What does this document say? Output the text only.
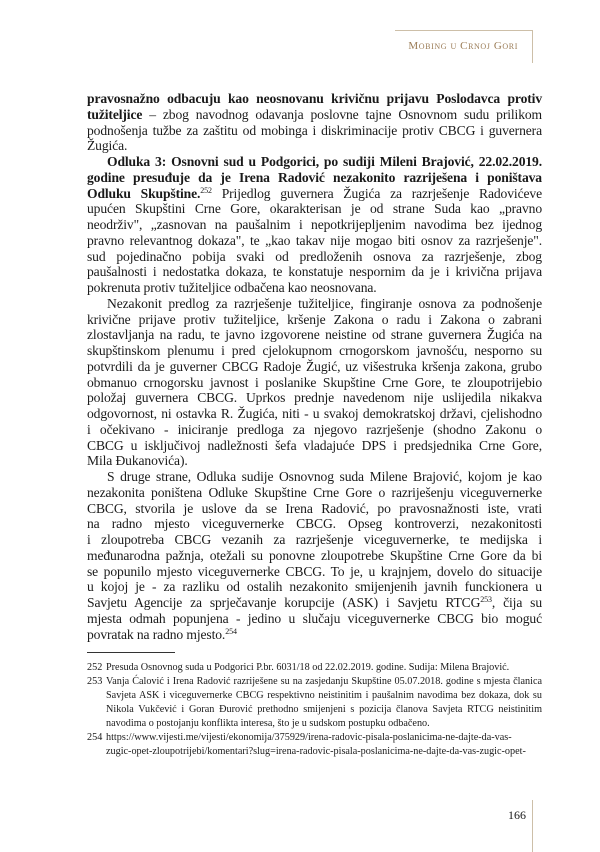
Mobing u Crnoj Gori
pravosnažno odbacuju kao neosnovanu krivičnu prijavu Poslodavca protiv
tužiteljice – zbog navodnog odavanja poslovne tajne Osnovnom sudu prilikom
podnošenja tužbe za zaštitu od mobinga i diskriminacije protiv CBCG i guvernera
Žugića.
Odluka 3: Osnovni sud u Podgorici, po sudiji Mileni Brajović, 22.02.2019.
godine presuđuje da je Irena Radović nezakonito razriješena i poništava
Odluku Skupštine.$^{252}$ Prijedlog guvernera Žugića za razrješenje Radovićeve
upućen Skupštini Crne Gore, okarakterisan je od strane Suda kao „pravno
neodrživ", „zasnovan na paušalnim i nepotkrijepljenim navodima bez ijednog
pravno relevantnog dokaza", te „kao takav nije mogao biti osnov za razrješenje".
sud pojedinačno pobija svaki od predloženih osnova za razrješenje, zbog
paušalnosti i nedostatka dokaza, te konstatuje nespornim da je i krivična prijava
pokrenuta protiv tužiteljice odbačena kao neosnovana.
Nezakonit predlog za razrješenje tužiteljice, fingiranje osnova za podnošenje
krivične prijave protiv tužiteljice, kršenje Zakona o radu i Zakona o zabrani
zlostavljanja na radu, te javno izgovorene neistine od strane guvernera Žugića na
skupštinskom plenumu i pred cjelokupnom crnogorskom javnošću, nesporno su
potvrdili da je guverner CBCG Radoje Žugić, uz višestruka kršenja zakona, grubo
obmanuo crnogorsku javnost i poslanike Skupštine Crne Gore, te zloupotrijebio
položaj guvernera CBCG. Uprkos prednje navedenom nije uslijedila nikakva
odgovornost, ni ostavka R. Žugića, niti - u svakoj demokratskoj državi, cjelishodno
i očekivano - iniciranje predloga za njegovo razrješenje (shodno Zakonu o
CBCG u isključivoj nadležnosti šefa vladajuće DPS i predsjednika Crne Gore,
Mila Đukanovića).
S druge strane, Odluka sudije Osnovnog suda Milene Brajović, kojom je kao
nezakonita poništena Odluke Skupštine Crne Gore o razriješenju viceguvernerke
CBCG, stvorila je uslove da se Irena Radović, po pravosnažnosti iste, vrati
na radno mjesto viceguvernerke CBCG. Opseg kontroverzi, nezakonitosti
i zloupotreba CBCG vezanih za razrješenje viceguvernerke, te medijska i
međunarodna pažnja, otežali su ponovne zloupotrebe Skupštine Crne Gore da bi
se popunilo mjesto viceguvernerke CBCG. To je, u krajnjem, dovelo do situacije
u kojoj je - za razliku od ostalih nezakonito smijenjenih javnih funckionera u
Savjetu Agencije za sprječavanje korupcije (ASK) i Savjetu RTCG$^{253}$, čija su
mjesta odmah popunjena - jedino u slučaju viceguvernerke CBCG bio moguć
povratak na radno mjesto.$^{254}$
252 Presuda Osnovnog suda u Podgorici P.br. 6031/18 od 22.02.2019. godine. Sudija: Milena Brajović.
253 Vanja Ćalović i Irena Radović razriješene su na zasjedanju Skupštine 05.07.2018. godine s mjesta članica
Savjeta ASK i viceguvernerke CBCG respektivno neistinitim i paušalnim navodima bez dokaza, dok su
Nikola Vukčević i Goran Đurović prethodno smijenjeni s pozicija članova Savjeta RTCG neistinitim
navodima o postojanju konflikta interesa, što je u sudskom postupku odbačeno.
254 https://www.vijesti.me/vijesti/ekonomija/375929/irena-radovic-pisala-poslanicima-ne-dajte-da-vas-
zugic-opet-zloupotrijebi/komentari?slug=irena-radovic-pisala-poslanicima-ne-dajte-da-vas-zugic-opet-
166
